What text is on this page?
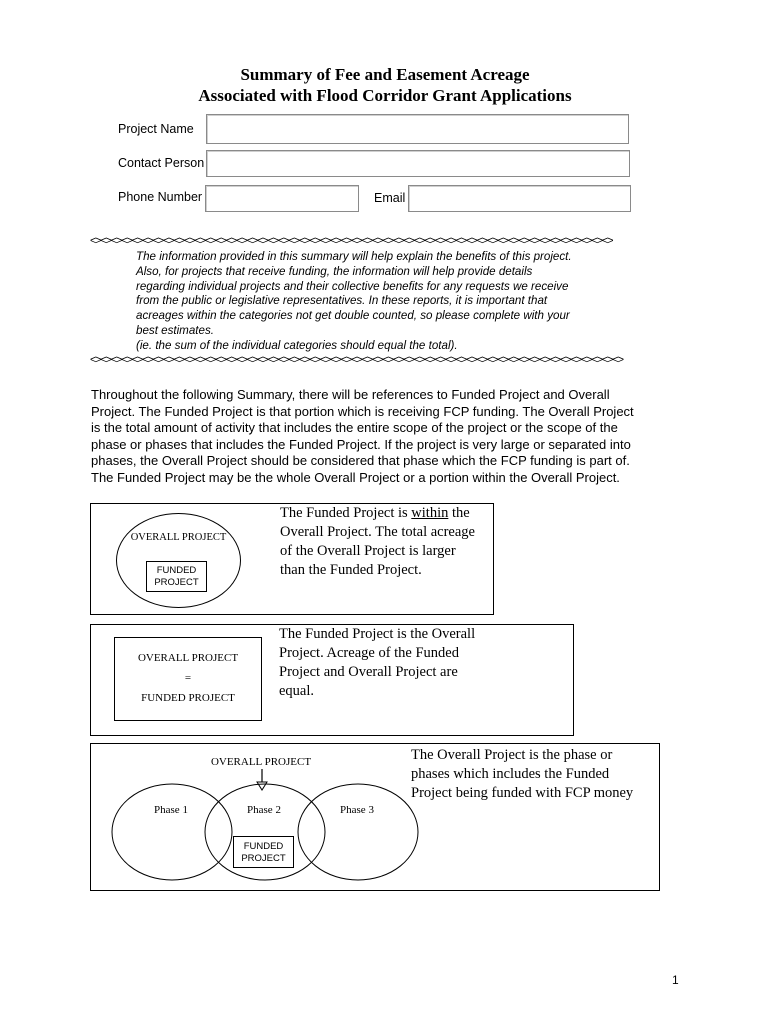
Summary of Fee and Easement Acreage
Associated with Flood Corridor Grant Applications
Project Name
Contact Person
Phone Number	Email
<><><><><><><><><><><><><><><><><><><><><><><><><><><><><><><><><><><><><><><><><><><><><><><><><><>
The information provided in this summary will help explain the benefits of this project.
Also, for projects that receive funding, the information will help provide details
regarding individual projects and their collective benefits for any requests we receive
from the public or legislative representatives. In these reports, it is important that
acreages within the categories not get double counted, so please complete with your
best estimates.
(ie. the sum of the individual categories should equal the total).
<><><><><><><><><><><><><><><><><><><><><><><><><><><><><><><><><><><><><><><><><><><><><><><><><><><>
Throughout the following Summary, there will be references to Funded Project and Overall
Project. The Funded Project is that portion which is receiving FCP funding. The Overall Project
is the total amount of activity that includes the entire scope of the project or the scope of the
phase or phases that includes the Funded Project. If the project is very large or separated into
phases, the Overall Project should be considered that phase which the FCP funding is part of.
The Funded Project may be the whole Overall Project or a portion within the Overall Project.
OVERALL PROJECT
FUNDED
PROJECT
The Funded Project is within the
Overall Project. The total acreage
of the Overall Project is larger
than the Funded Project.
OVERALL PROJECT
=
FUNDED PROJECT
The Funded Project is the Overall
Project. Acreage of the Funded
Project and Overall Project are
equal.
OVERALL PROJECT
Phase 1	Phase 2	Phase 3
FUNDED
PROJECT
The Overall Project is the phase or
phases which includes the Funded
Project being funded with FCP money
1
